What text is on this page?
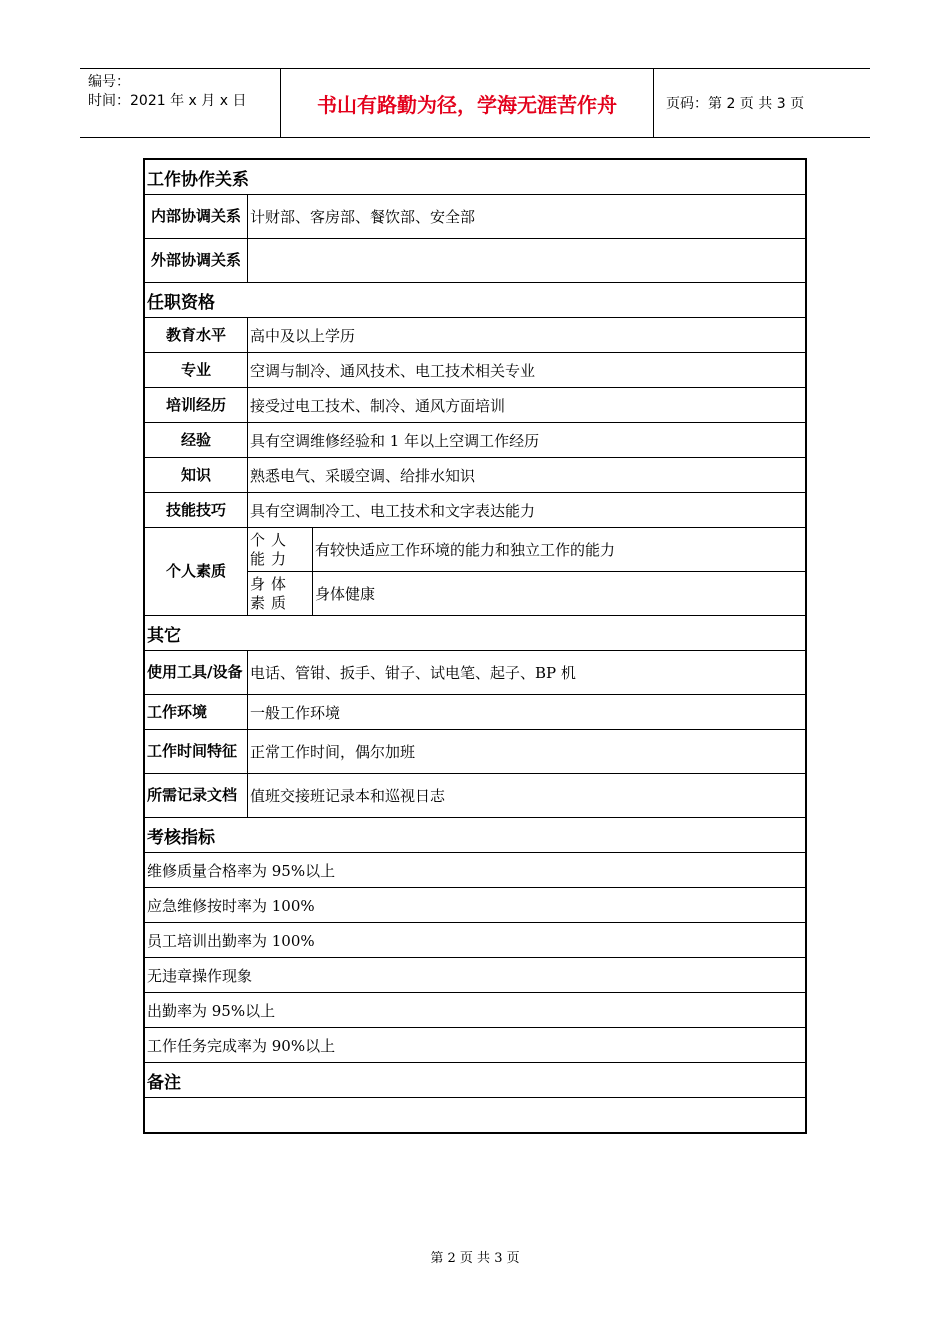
编号：
时间：2021 年 x 月 x 日	书山有路勤为径，学海无涯苦作舟	页码：第 2 页 共 3 页
工作协作关系		
内部协调关系	计财部、客房部、餐饮部、安全部	
外部协调关系		
任职资格		
教育水平	高中及以上学历	
专业	空调与制冷、通风技术、电工技术相关专业	
培训经历	接受过电工技术、制冷、通风方面培训	
经验	具有空调维修经验和 1 年以上空调工作经历	
知识	熟悉电气、采暖空调、给排水知识	
技能技巧	具有空调制冷工、电工技术和文字表达能力	
个人素质	个人能力	有较快适应工作环境的能力和独立工作的能力
	身体素质	身体健康
其它		
使用工具/设备	电话、管钳、扳手、钳子、试电笔、起子、BP 机	
工作环境	一般工作环境	
工作时间特征	正常工作时间，偶尔加班	
所需记录文档	值班交接班记录本和巡视日志	
考核指标		
维修质量合格率为 95%以上		
应急维修按时率为 100%		
员工培训出勤率为 100%		
无违章操作现象		
出勤率为 95%以上		
工作任务完成率为 90%以上		
备注		

第 2 页 共 3 页
